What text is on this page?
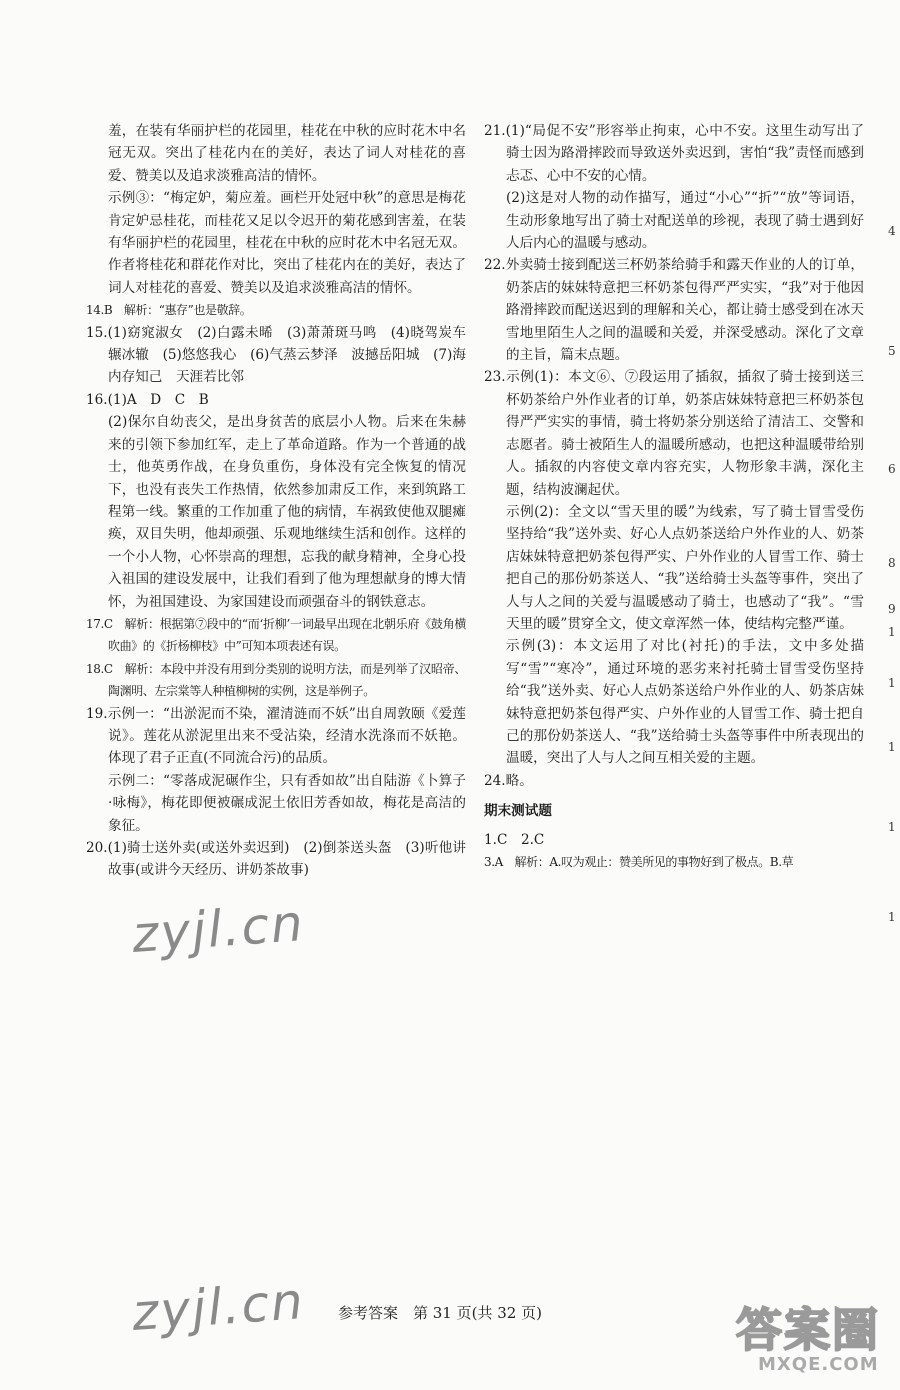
羞，在装有华丽护栏的花园里，桂花在中秋的应时花木中名冠无双。突出了桂花内在的美好，表达了词人对桂花的喜爱、赞美以及追求淡雅高洁的情怀。

示例③：“梅定妒，菊应羞。画栏开处冠中秋”的意思是梅花肯定妒忌桂花，而桂花又足以令迟开的菊花感到害羞，在装有华丽护栏的花园里，桂花在中秋的应时花木中名冠无双。作者将桂花和群花作对比，突出了桂花内在的美好，表达了词人对桂花的喜爱、赞美以及追求淡雅高洁的情怀。

14.B　解析：“惠存”也是敬辞。

15.(1)窈窕淑女　(2)白露未晞　(3)萧萧斑马鸣　(4)晓驾炭车辗冰辙　(5)悠悠我心　(6)气蒸云梦泽　波撼岳阳城　(7)海内存知己　天涯若比邻

16.(1)A　D　C　B

(2)保尔自幼丧父，是出身贫苦的底层小人物。后来在朱赫来的引领下参加红军，走上了革命道路。作为一个普通的战士，他英勇作战，在身负重伤，身体没有完全恢复的情况下，也没有丧失工作热情，依然参加肃反工作，来到筑路工程第一线。繁重的工作加重了他的病情，车祸致使他双腿瘫痪，双目失明，他却顽强、乐观地继续生活和创作。这样的一个小人物，心怀崇高的理想，忘我的献身精神，全身心投入祖国的建设发展中，让我们看到了他为理想献身的博大情怀，为祖国建设、为家国建设而顽强奋斗的钢铁意志。

17.C　解析：根据第⑦段中的“而‘折柳’一词最早出现在北朝乐府《鼓角横吹曲》的《折杨柳枝》中”可知本项表述有误。

18.C　解析：本段中并没有用到分类别的说明方法，而是列举了汉昭帝、陶渊明、左宗棠等人种植柳树的实例，这是举例子。

19.示例一：“出淤泥而不染，濯清涟而不妖”出自周敦颐《爱莲说》。莲花从淤泥里出来不受沾染，经清水洗涤而不妖艳。体现了君子正直(不同流合污)的品质。

示例二：“零落成泥碾作尘，只有香如故”出自陆游《卜算子·咏梅》，梅花即便被碾成泥土依旧芳香如故，梅花是高洁的象征。

20.(1)骑士送外卖(或送外卖迟到)　(2)倒茶送头盔　(3)听他讲故事(或讲今天经历、讲奶茶故事)

21.(1)“局促不安”形容举止拘束，心中不安。这里生动写出了骑士因为路滑摔跤而导致送外卖迟到，害怕“我”责怪而感到忐忑、心中不安的心情。

(2)这是对人物的动作描写，通过“小心”“折”“放”等词语，生动形象地写出了骑士对配送单的珍视，表现了骑士遇到好人后内心的温暖与感动。

22.外卖骑士接到配送三杯奶茶给骑手和露天作业的人的订单，奶茶店的妹妹特意把三杯奶茶包得严严实实，“我”对于他因路滑摔跤而配送迟到的理解和关心，都让骑士感受到在冰天雪地里陌生人之间的温暖和关爱，并深受感动。深化了文章的主旨，篇末点题。

23.示例(1)：本文⑥、⑦段运用了插叙，插叙了骑士接到送三杯奶茶给户外作业者的订单，奶茶店妹妹特意把三杯奶茶包得严严实实的事情，骑士将奶茶分别送给了清洁工、交警和志愿者。骑士被陌生人的温暖所感动，也把这种温暖带给别人。插叙的内容使文章内容充实，人物形象丰满，深化主题，结构波澜起伏。

示例(2)：全文以“雪天里的暖”为线索，写了骑士冒雪受伤坚持给“我”送外卖、好心人点奶茶送给户外作业的人、奶茶店妹妹特意把奶茶包得严实、户外作业的人冒雪工作、骑士把自己的那份奶茶送人、“我”送给骑士头盔等事件，突出了人与人之间的关爱与温暖感动了骑士，也感动了“我”。“雪天里的暖”贯穿全文，使文章浑然一体，使结构完整严谨。

示例(3)：本文运用了对比(衬托)的手法，文中多处描写“雪”“寒冷”，通过环境的恶劣来衬托骑士冒雪受伤坚持给“我”送外卖、好心人点奶茶送给户外作业的人、奶茶店妹妹特意把奶茶包得严实、户外作业的人冒雪工作、骑士把自己的那份奶茶送人、“我”送给骑士头盔等事件中所表现出的温暖，突出了人与人之间互相关爱的主题。

24.略。

期末测试题

1.C　2.C

3.A　解析：A.叹为观止：赞美所见的事物好到了极点。B.草

4
5
6
8
9
1
1
1
1
1
zyjl.cn
zyjl.cn 参考答案　第 31 页(共 32 页)	答案圈
MXQE.COM
